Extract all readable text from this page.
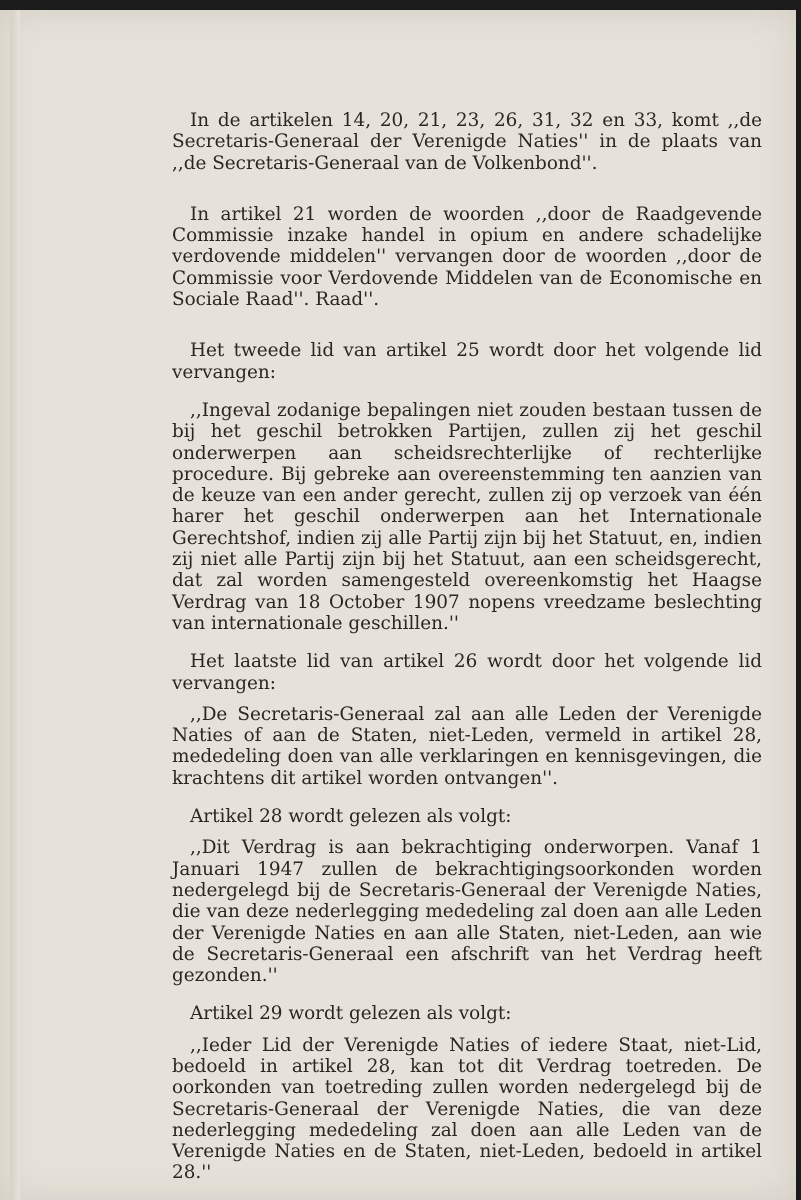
In de artikelen 14, 20, 21, 23, 26, 31, 32 en 33, komt ,,de Secretaris-Generaal der Verenigde Naties'' in de plaats van ,,de Secretaris-Generaal van de Volkenbond''.

In artikel 21 worden de woorden ,,door de Raadgevende Commissie inzake handel in opium en andere schadelijke verdovende middelen'' vervangen door de woorden ,,door de Commissie voor Verdovende Middelen van de Economische en Sociale Raad''. Raad''.

Het tweede lid van artikel 25 wordt door het volgende lid vervangen:

,,Ingeval zodanige bepalingen niet zouden bestaan tussen de bij het geschil betrokken Partijen, zullen zij het geschil onderwerpen aan scheidsrechterlijke of rechterlijke procedure. Bij gebreke aan overeenstemming ten aanzien van de keuze van een ander gerecht, zullen zij op verzoek van één harer het geschil onderwerpen aan het Internationale Gerechtshof, indien zij alle Partij zijn bij het Statuut, en, indien zij niet alle Partij zijn bij het Statuut, aan een scheidsgerecht, dat zal worden samengesteld overeenkomstig het Haagse Verdrag van 18 October 1907 nopens vreedzame beslechting van internationale geschillen.''

Het laatste lid van artikel 26 wordt door het volgende lid vervangen:

,,De Secretaris-Generaal zal aan alle Leden der Verenigde Naties of aan de Staten, niet-Leden, vermeld in artikel 28, mededeling doen van alle verklaringen en kennisgevingen, die krachtens dit artikel worden ontvangen''.

Artikel 28 wordt gelezen als volgt:

,,Dit Verdrag is aan bekrachtiging onderworpen. Vanaf 1 Januari 1947 zullen de bekrachtigingsoorkonden worden nedergelegd bij de Secretaris-Generaal der Verenigde Naties, die van deze nederlegging mededeling zal doen aan alle Leden der Verenigde Naties en aan alle Staten, niet-Leden, aan wie de Secretaris-Generaal een afschrift van het Verdrag heeft gezonden.''

Artikel 29 wordt gelezen als volgt:

,,Ieder Lid der Verenigde Naties of iedere Staat, niet-Lid, bedoeld in artikel 28, kan tot dit Verdrag toetreden. De oorkonden van toetreding zullen worden nedergelegd bij de Secretaris-Generaal der Verenigde Naties, die van deze nederlegging mededeling zal doen aan alle Leden van de Verenigde Naties en de Staten, niet-Leden, bedoeld in artikel 28.''
